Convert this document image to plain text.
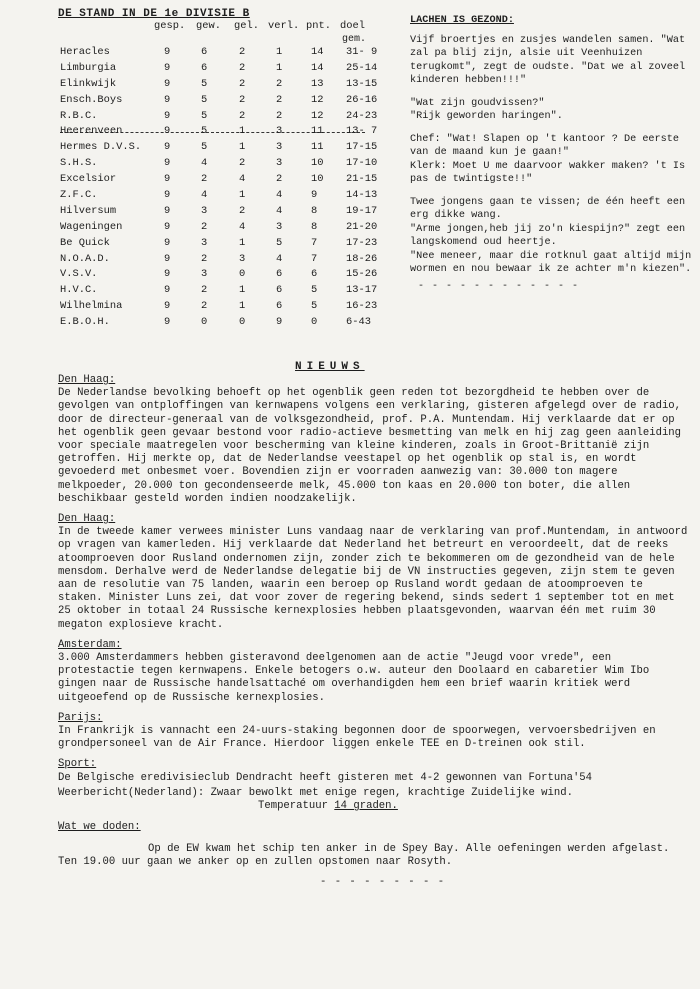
DE STAND IN DE 1e DIVISIE B
gesp. gew. gel. verl. pnt. doel
gem.
Heracles	9	6	2	1	14 31- 9
Limburgia	9	6	2	1	14 25-14
Elinkwijk	9	5	2	2	13 13-15
Ensch.Boys	9	5	2	2	12 26-16
R.B.C.	9	5	2	2	12 24-23
Heerenveen	9	5	1	3	11 13- 7
Hermes D.V.S. 9	5	1	3	11 17-15
S.H.S.	9	4	2	3	10 17-10
Excelsior	9	2	4	2	10 21-15
Z.F.C.	9	4	1	4	9	14-13
Hilversum	9	3	2	4	8	19-17
Wageningen	9	2	4	3	8	21-20
Be Quick	9	3	1	5	7	17-23
N.O.A.D.	9	2	3	4	7	18-26
V.S.V.	9	3	0	6	6	15-26
H.V.C.	9	2	1	6	5	13-17
Wilhelmina	9	2	1	6	5	16-23
E.B.O.H.	9	0	0	9	0	6-43
LACHEN IS GEZOND:
Vijf broertjes en zusjes wandelen samen. "Wat zal pa blij zijn, alsie uit Veenhuizen terugkomt", zegt de oudste. "Dat we al zoveel kinderen hebben!!!"
"Wat zijn goudvissen?"
"Rijk geworden haringen".
Chef: "Wat! Slapen op 't kantoor ? De eerste van de maand kun je gaan!"
Klerk: Moet U me daarvoor wakker maken? 't Is pas de twintigste!!"
Twee jongens gaan te vissen; de één heeft een erg dikke wang.
"Arme jongen,heb jij zo'n kiespijn?" zegt een langskomend oud heertje.
"Nee meneer, maar die rotknul gaat altijd mijn wormen en nou bewaar ik ze achter m'n kiezen".
- - - - - - - - - - - -
NIEUWS
Den Haag:
De Nederlandse bevolking behoeft op het ogenblik geen reden tot bezorgdheid te hebben over de gevolgen van ontploffingen van kernwapens volgens een verklaring, gisteren afgelegd over de radio, door de directeur-generaal van de volksgezondheid, prof. P.A. Muntendam. Hij verklaarde dat er op het ogenblik geen gevaar bestond voor radio-actieve besmetting van melk en hij zag geen aanleiding voor speciale maatregelen voor bescherming van kleine kinderen, zoals in Groot-Brittanië zijn getroffen. Hij merkte op, dat de Nederlandse veestapel op het ogenblik op stal is, en wordt gevoederd met onbesmet voer. Bovendien zijn er voorraden aanwezig van: 30.000 ton magere melkpoeder, 20.000 ton gecondenseerde melk, 45.000 ton kaas en 20.000 ton boter, die allen beschikbaar gesteld worden indien noodzakelijk.
Den Haag:
In de tweede kamer verwees minister Luns vandaag naar de verklaring van prof.Muntendam, in antwoord op vragen van kamerleden. Hij verklaarde dat Nederland het betreurt en veroordeelt, dat de reeks atoomproeven door Rusland ondernomen zijn, zonder zich te bekommeren om de gezondheid van de hele mensdom. Derhalve werd de Nederlandse delegatie bij de VN instructies gegeven, zijn stem te geven aan de resolutie van 75 landen, waarin een beroep op Rusland wordt gedaan de atoomproeven te staken. Minister Luns zei, dat voor zover de regering bekend, sinds sedert 1 september tot en met 25 oktober in totaal 24 Russische kernexplosies hebben plaatsgevonden, waarvan één met ruim 30 megaton explosieve kracht.
Amsterdam:
3.000 Amsterdammers hebben gisteravond deelgenomen aan de actie "Jeugd voor vrede", een protestactie tegen kernwapens. Enkele betogers o.w. auteur den Doolaard en cabaretier Wim Ibo gingen naar de Russische handelsattaché om overhandigden hem een brief waarin kritiek werd uitgeoefend op de Russische kernexplosies.
Parijs:
In Frankrijk is vannacht een 24-uurs-staking begonnen door de spoorwegen, vervoersbedrijven en grondpersoneel van de Air France. Hierdoor liggen enkele TEE en D-treinen ook stil.
Sport:
De Belgische eredivisieclub Dendracht heeft gisteren met 4-2 gewonnen van Fortuna'54
Weerbericht(Nederland): Zwaar bewolkt met enige regen, krachtige Zuidelijke wind.
Temperatuur 14 graden.
Wat we doden:
Op de EW kwam het schip ten anker in de Spey Bay. Alle oefeningen werden afgelast. Ten 19.00 uur gaan we anker op en zullen opstomen naar Rosyth.
- - - - - - - - -
